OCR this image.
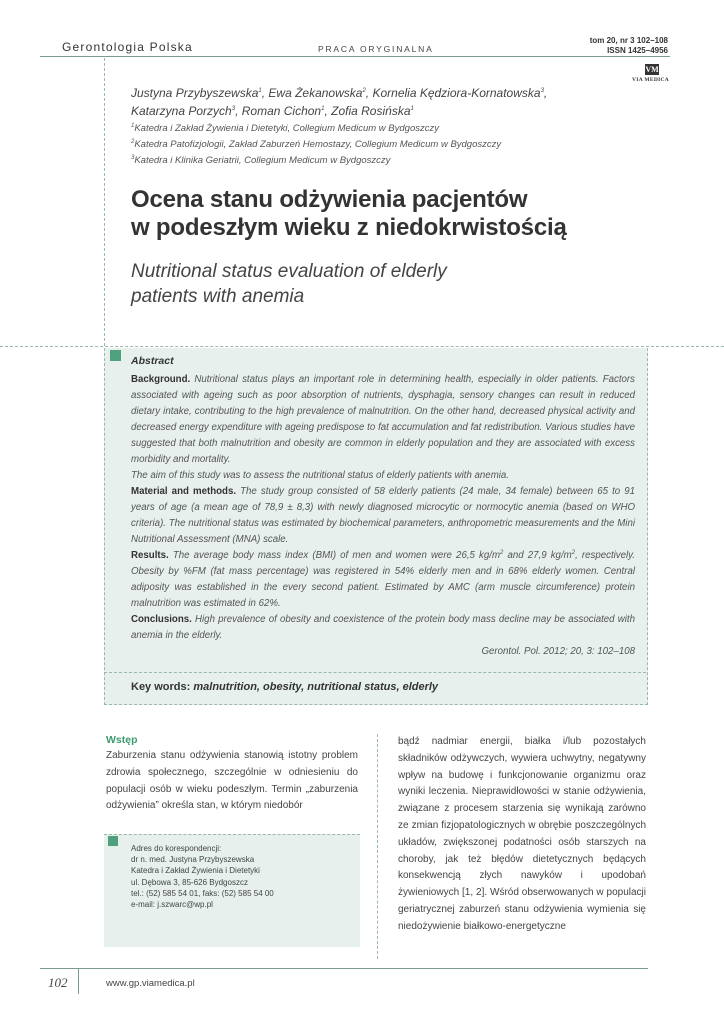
Gerontologia Polska	PRACA ORYGINALNA
tom 20, nr 3 102–108
ISSN 1425–4956
VM
VIA MEDICA
Justyna Przybyszewska$^1$, Ewa Żekanowska$^2$, Kornelia Kędziora-Kornatowska$^3$,
Katarzyna Porzych$^3$, Roman Cichon$^1$, Zofia Rosińska$^1$
$^1$Katedra i Zakład Żywienia i Dietetyki, Collegium Medicum w Bydgoszczy
$^2$Katedra Patofizjologii, Zakład Zaburzeń Hemostazy, Collegium Medicum w Bydgoszczy
$^3$Katedra i Klinika Geriatrii, Collegium Medicum w Bydgoszczy
Ocena stanu odżywienia pacjentów
w podeszłym wieku z niedokrwistością
Nutritional status evaluation of elderly
patients with anemia
Abstract

Background. Nutritional status plays an important role in determining health, especially in older patients. Factors associated with ageing such as poor absorption of nutrients, dysphagia, sensory changes can result in reduced dietary intake, contributing to the high prevalence of malnutrition. On the other hand, decreased physical activity and decreased energy expenditure with ageing predispose to fat accumulation and fat redistribution. Various studies have suggested that both malnutrition and obesity are common in elderly population and they are associated with excess morbidity and mortality.

The aim of this study was to assess the nutritional status of elderly patients with anemia.

Material and methods. The study group consisted of 58 elderly patients (24 male, 34 female) between 65 to 91 years of age (a mean age of 78,9 ± 8,3) with newly diagnosed microcytic or normocytic anemia (based on WHO criteria). The nutritional status was estimated by biochemical parameters, anthropometric measurements and the Mini Nutritional Assessment (MNA) scale.

Results. The average body mass index (BMI) of men and women were 26,5 $kg/m^2$ and 27,9 $kg/m^2$, respectively. Obesity by %FM (fat mass percentage) was registered in 54% elderly men and in 68% elderly women. Central adiposity was established in the every second patient. Estimated by AMC (arm muscle circumference) protein malnutrition was estimated in 62%.

Conclusions. High prevalence of obesity and coexistence of the protein body mass decline may be associated with anemia in the elderly.

Gerontol. Pol. 2012; 20, 3: 102–108

Key words: malnutrition, obesity, nutritional status, elderly
Wstęp
Zaburzenia stanu odżywienia stanowią istotny problem zdrowia społecznego, szczególnie w odniesieniu do populacji osób w wieku podeszłym. Termin „zaburzenia odżywienia” określa stan, w którym niedobór
bądź nadmiar energii, białka i/lub pozostałych składników odżywczych, wywiera uchwytny, negatywny wpływ na budowę i funkcjonowanie organizmu oraz wyniki leczenia. Nieprawidłowości w stanie odżywienia, związane z procesem starzenia się wynikają zarówno ze zmian fizjopatologicznych w obrębie poszczególnych układów, zwiększonej podatności osób starszych na choroby, jak też błędów dietetycznych będących konsekwencją złych nawyków i upodobań żywieniowych [1, 2]. Wśród obserwowanych w populacji geriatrycznej zaburzeń stanu odżywienia wymienia się niedożywienie białkowo-energetyczne
Adres do korespondencji:
dr n. med. Justyna Przybyszewska
Katedra i Zakład Żywienia i Dietetyki
ul. Dębowa 3, 85-626 Bydgoszcz
tel.: (52) 585 54 01, faks: (52) 585 54 00
e-mail: j.szwarc@wp.pl
102	www.gp.viamedica.pl
